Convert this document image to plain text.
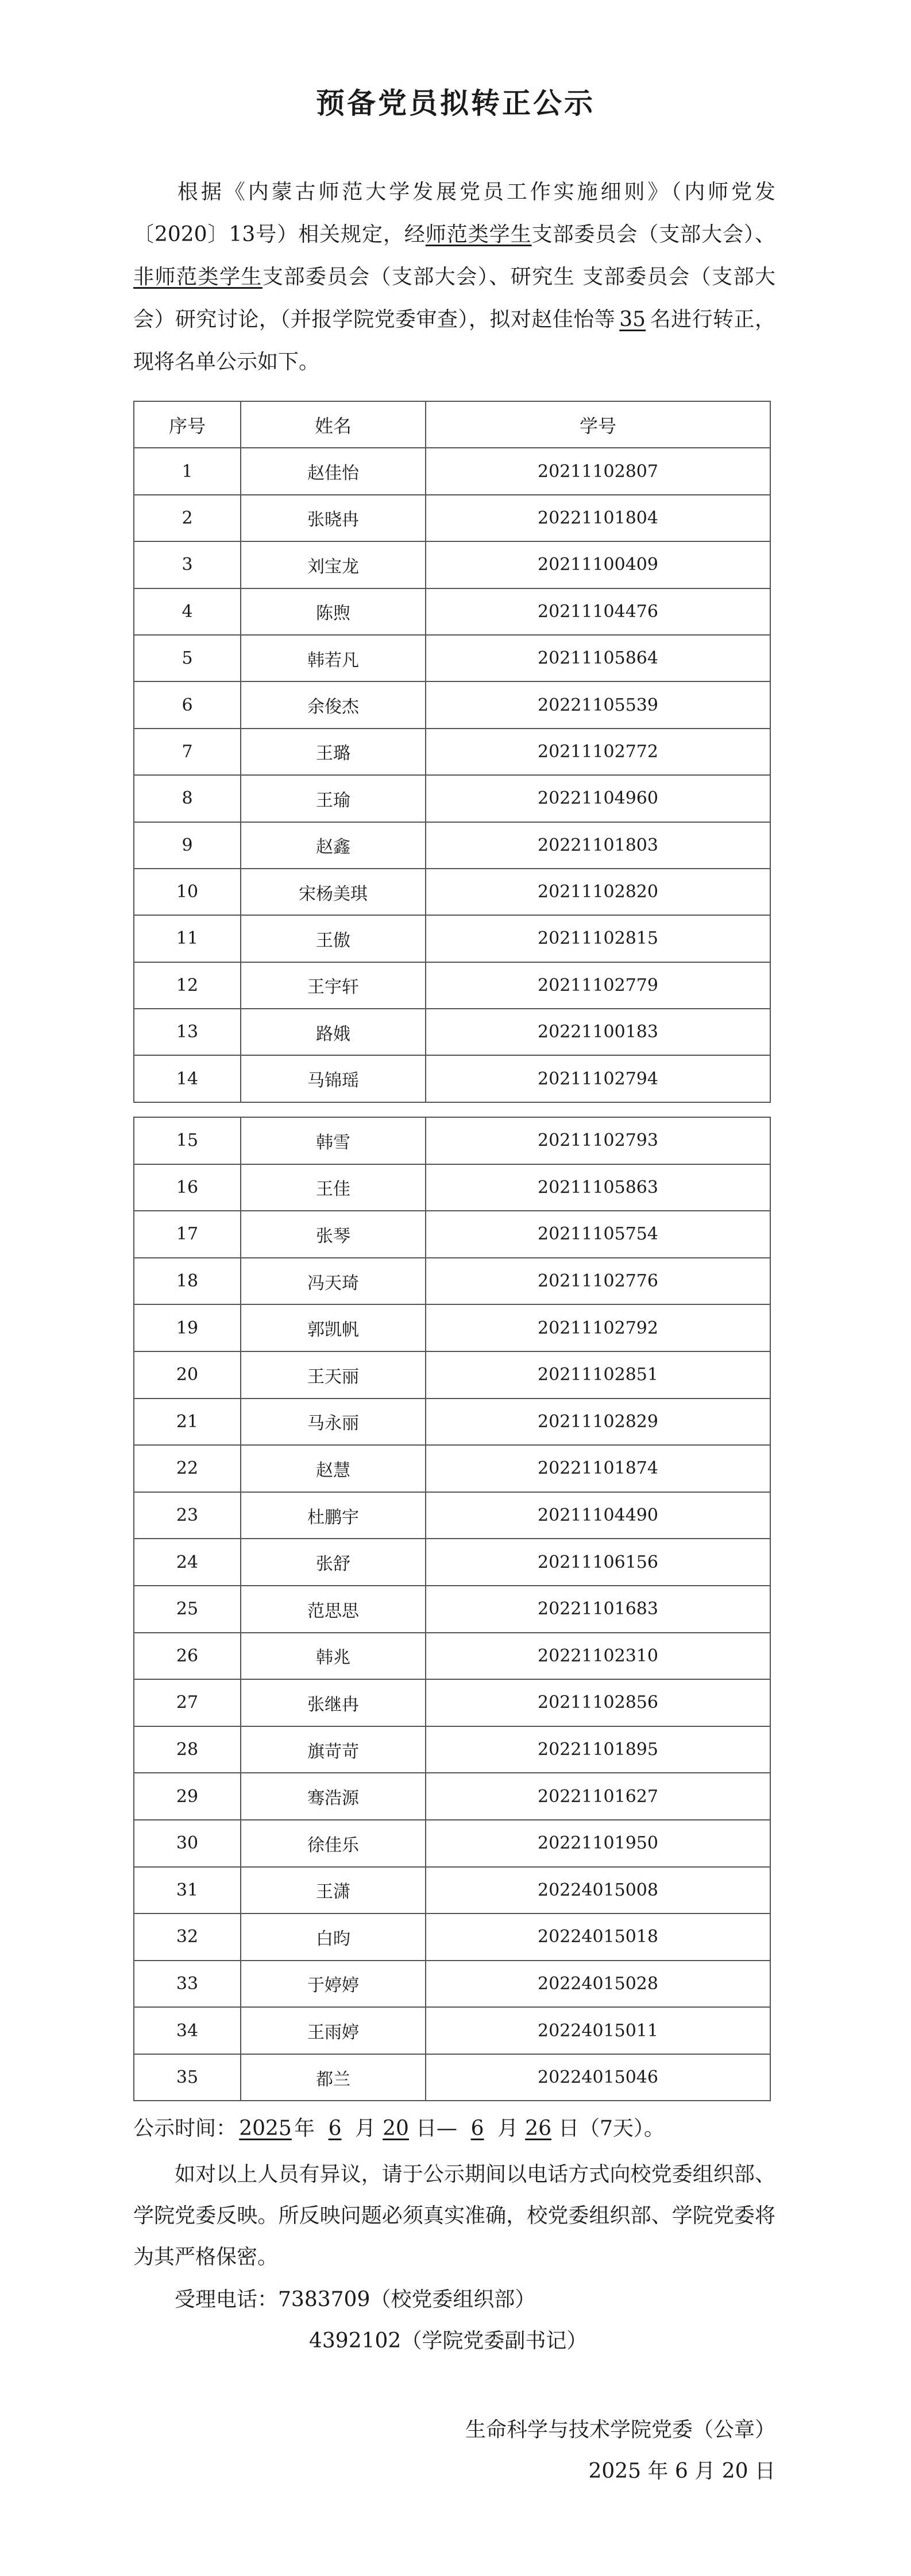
预备党员拟转正公示
根据《内蒙古师范大学发展党员工作实施细则》（内师党发〔2020〕13号）相关规定，经师范类学生支部委员会（支部大会）、非师范类学生支部委员会（支部大会）、研究生 支部委员会（支部大会）研究讨论，（并报学院党委审查），拟对赵佳怡等 35 名进行转正，现将名单公示如下。
序号	姓名	学号
1	赵佳怡	20211102807
2	张晓冉	20221101804
3	刘宝龙	20211100409
4	陈煦	20211104476
5	韩若凡	20211105864
6	余俊杰	20221105539
7	王璐	20211102772
8	王瑜	20221104960
9	赵鑫	20221101803
10	宋杨美琪	20211102820
11	王傲	20211102815
12	王宇轩	20211102779
13	路娥	20221100183
14	马锦瑶	20211102794
15	韩雪	20211102793
16	王佳	20211105863
17	张琴	20211105754
18	冯天琦	20211102776
19	郭凯帆	20211102792
20	王天丽	20211102851
21	马永丽	20211102829
22	赵慧	20221101874
23	杜鹏宇	20211104490
24	张舒	20211106156
25	范思思	20221101683
26	韩兆	20221102310
27	张继冉	20211102856
28	旗苛苛	20221101895
29	骞浩源	20221101627
30	徐佳乐	20221101950
31	王潇	20224015008
32	白昀	20224015018
33	于婷婷	20224015028
34	王雨婷	20224015011
35	都兰	20224015046
公示时间： 2025 年 6 月 20 日— 6 月 26 日（7天）。
如对以上人员有异议，请于公示期间以电话方式向校党委组织部、学院党委反映。所反映问题必须真实准确，校党委组织部、学院党委将为其严格保密。
受理电话：7383709（校党委组织部）
4392102（学院党委副书记）
生命科学与技术学院党委（公章）
2025 年 6 月 20 日
